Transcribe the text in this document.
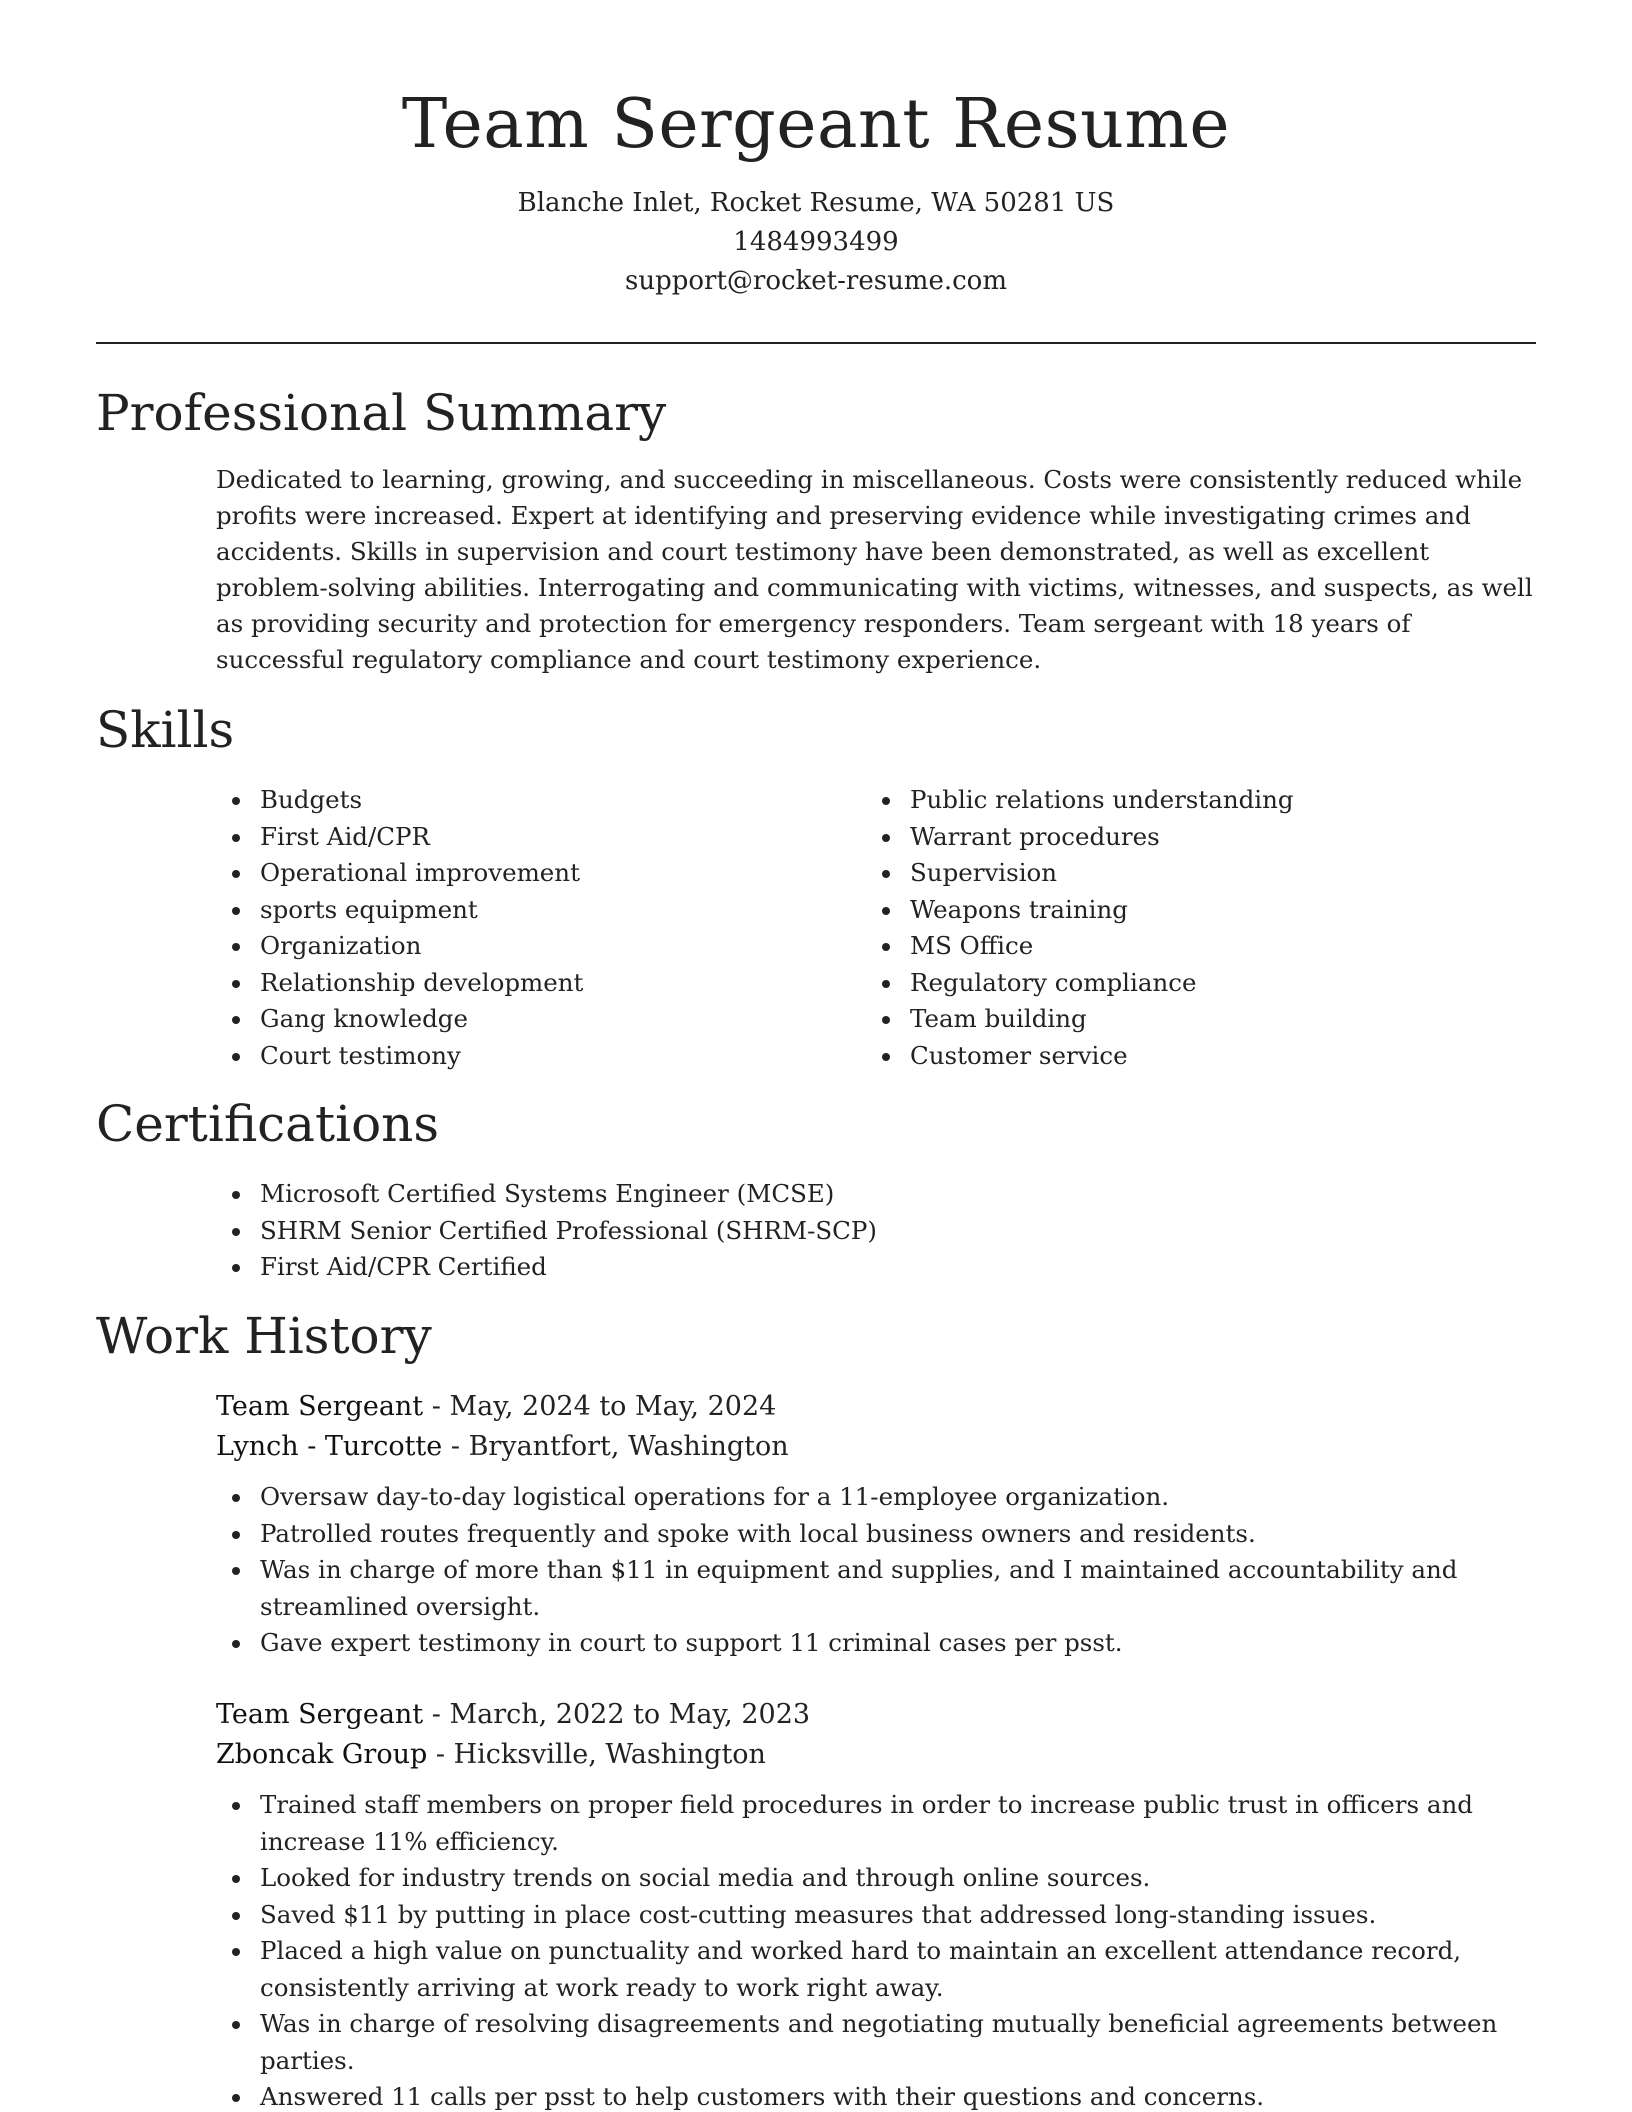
Team Sergeant Resume
Blanche Inlet, Rocket Resume, WA 50281 US
1484993499
support@rocket-resume.com
Professional Summary

Dedicated to learning, growing, and succeeding in miscellaneous. Costs were consistently reduced while profits were increased. Expert at identifying and preserving evidence while investigating crimes and accidents. Skills in supervision and court testimony have been demonstrated, as well as excellent problem-solving abilities. Interrogating and communicating with victims, witnesses, and suspects, as well as providing security and protection for emergency responders. Team sergeant with 18 years of successful regulatory compliance and court testimony experience.

Skills
Budgets
First Aid/CPR
Operational improvement
sports equipment
Organization
Relationship development
Gang knowledge
Court testimony
Public relations understanding
Warrant procedures
Supervision
Weapons training
MS Office
Regulatory compliance
Team building
Customer service
Certifications
Microsoft Certified Systems Engineer (MCSE)
SHRM Senior Certified Professional (SHRM-SCP)
First Aid/CPR Certified
Work History
Team Sergeant - May, 2024 to May, 2024
Lynch - Turcotte - Bryantfort, Washington
Oversaw day-to-day logistical operations for a 11-employee organization.
Patrolled routes frequently and spoke with local business owners and residents.
Was in charge of more than $11 in equipment and supplies, and I maintained accountability and streamlined oversight.
Gave expert testimony in court to support 11 criminal cases per psst.
Team Sergeant - March, 2022 to May, 2023
Zboncak Group - Hicksville, Washington
Trained staff members on proper field procedures in order to increase public trust in officers and increase 11% efficiency.
Looked for industry trends on social media and through online sources.
Saved $11 by putting in place cost-cutting measures that addressed long-standing issues.
Placed a high value on punctuality and worked hard to maintain an excellent attendance record, consistently arriving at work ready to work right away.
Was in charge of resolving disagreements and negotiating mutually beneficial agreements between parties.
Answered 11 calls per psst to help customers with their questions and concerns.
